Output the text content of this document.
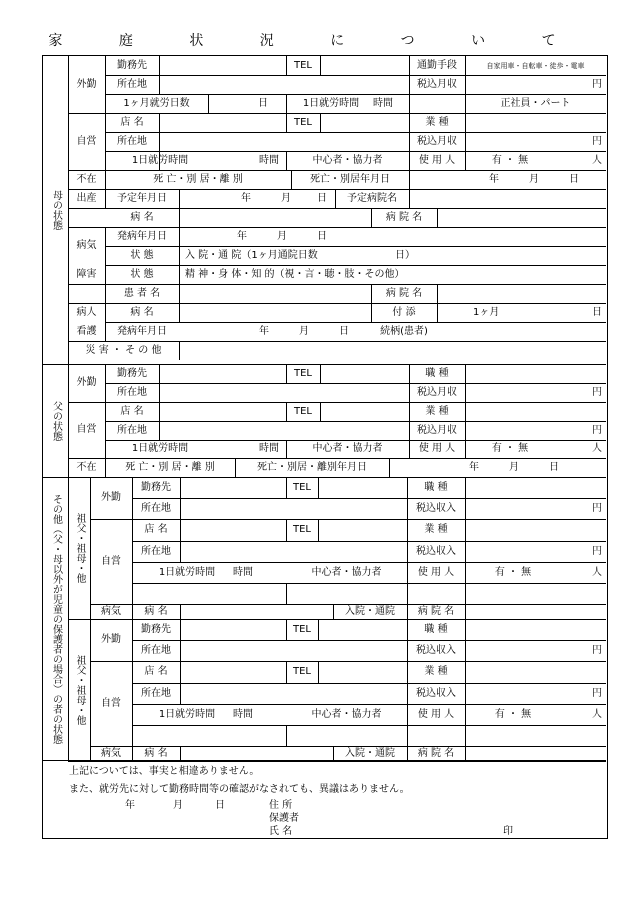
家 庭 状 況 に つ い て
母の状態
外勤
勤務先	TEL	通勤手段	自家用車・自転車・徒歩・電車
所在地	税込月収	円
1ヶ月就労日数	日	1日就労時間	時間	正社員・パート
自営
店 名	TEL	業 種
所在地	税込月収	円
1日就労時間	時間	中心者・協力者	使 用 人	有 ・ 無	人
不在	死 亡・別 居・離 別	死亡・別居年月日	年	月	日
出産	予定年月日	年	月	日	予定病院名
病気
病 名	病 院 名
発病年月日	年	月	日
状 態	入 院・通 院（1ヶ月通院日数	日）
障害	状 態	精 神・身 体・知 的（視・言・聴・肢・その他）
病人
看護
患 者 名	病 院 名
病 名	付 添	1ヶ月	日
発病年月日	年	月	日	続柄(患者)
災 害 ・ そ の 他
父の状態
外勤
勤務先	TEL	職 種
所在地	税込月収	円
自営
店 名	TEL	業 種
所在地	税込月収	円
1日就労時間	時間	中心者・協力者	使 用 人	有 ・ 無	人
不在	死 亡・別 居・離 別	死亡・別居・離別年月日	年	月	日
祖父・祖母・他
外勤
勤務先	TEL	職 種
所在地	税込収入	円
自営
店 名	TEL	業 種
所在地	税込収入	円
1日就労時間	時間	中心者・協力者	使 用 人	有 ・ 無	人
病気	病 名	入院・通院	病 院 名
祖父・祖母・他
外勤
勤務先	TEL	職 種
所在地	税込収入	円
自営
店 名	TEL	業 種
所在地	税込収入	円
1日就労時間	時間	中心者・協力者	使 用 人	有 ・ 無	人
病気	病 名	入院・通院	病 院 名
その他（父・母以外が児童の保護者の場合）の者の状態
上記については、事実と相違ありません。
また、就労先に対して勤務時間等の確認がなされても、異議はありません。
年	月	日	住 所
保護者
氏 名	印
